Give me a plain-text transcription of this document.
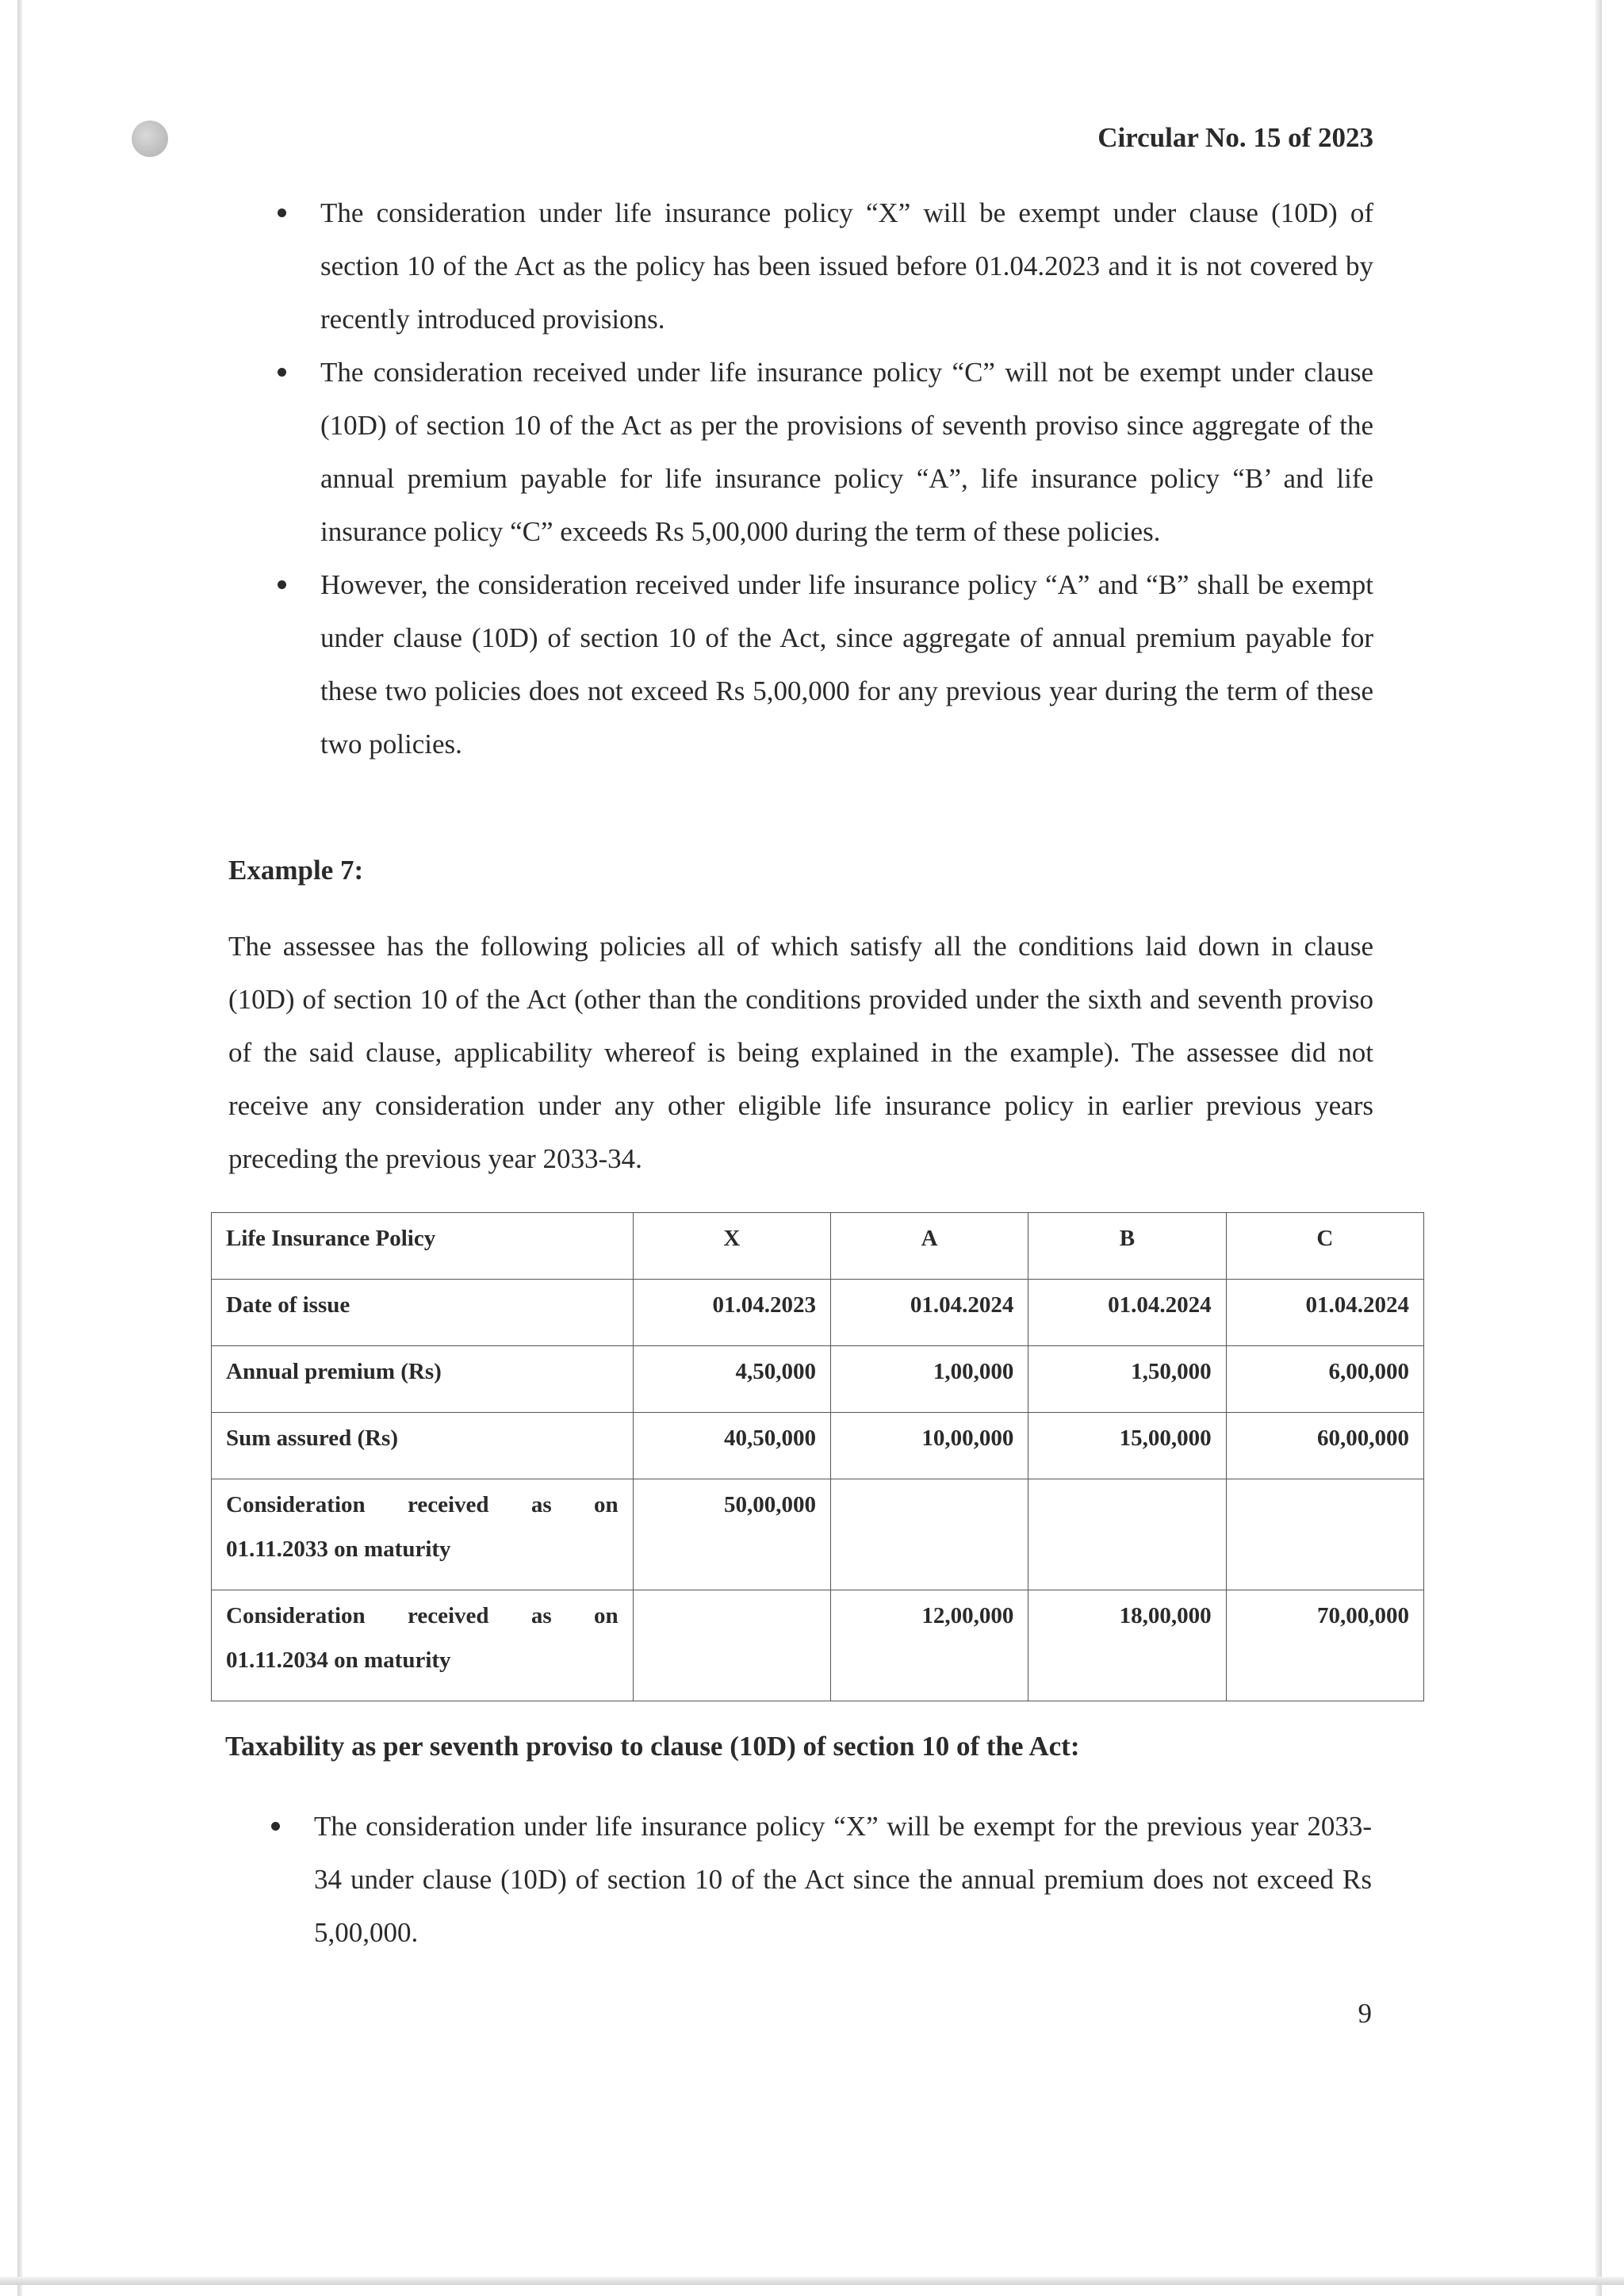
Circular No. 15 of 2023

The consideration under life insurance policy “X” will be exempt under clause (10D) of section 10 of the Act as the policy has been issued before 01.04.2023 and it is not covered by recently introduced provisions.

The consideration received under life insurance policy “C” will not be exempt under clause (10D) of section 10 of the Act as per the provisions of seventh proviso since aggregate of the annual premium payable for life insurance policy “A”, life insurance policy “B’ and life insurance policy “C” exceeds Rs 5,00,000 during the term of these policies.

However, the consideration received under life insurance policy “A” and “B” shall be exempt under clause (10D) of section 10 of the Act, since aggregate of annual premium payable for these two policies does not exceed Rs 5,00,000 for any previous year during the term of these two policies.

Example 7:

The assessee has the following policies all of which satisfy all the conditions laid down in clause (10D) of section 10 of the Act (other than the conditions provided under the sixth and seventh proviso of the said clause, applicability whereof is being explained in the example). The assessee did not receive any consideration under any other eligible life insurance policy in earlier previous years preceding the previous year 2033-34.

Life Insurance Policy	X	A	B	C
Date of issue	01.04.2023	01.04.2024	01.04.2024	01.04.2024
Annual premium (Rs)	4,50,000	1,00,000	1,50,000	6,00,000
Sum assured (Rs)	40,50,000	10,00,000	15,00,000	60,00,000

Consideration received as on
01.11.2033 on maturity	50,00,000			

Consideration received as on
01.11.2034 on maturity		12,00,000	18,00,000	70,00,000
Taxability as per seventh proviso to clause (10D) of section 10 of the Act:

The consideration under life insurance policy “X” will be exempt for the previous year 2033-34 under clause (10D) of section 10 of the Act since the annual premium does not exceed Rs 5,00,000.

9
